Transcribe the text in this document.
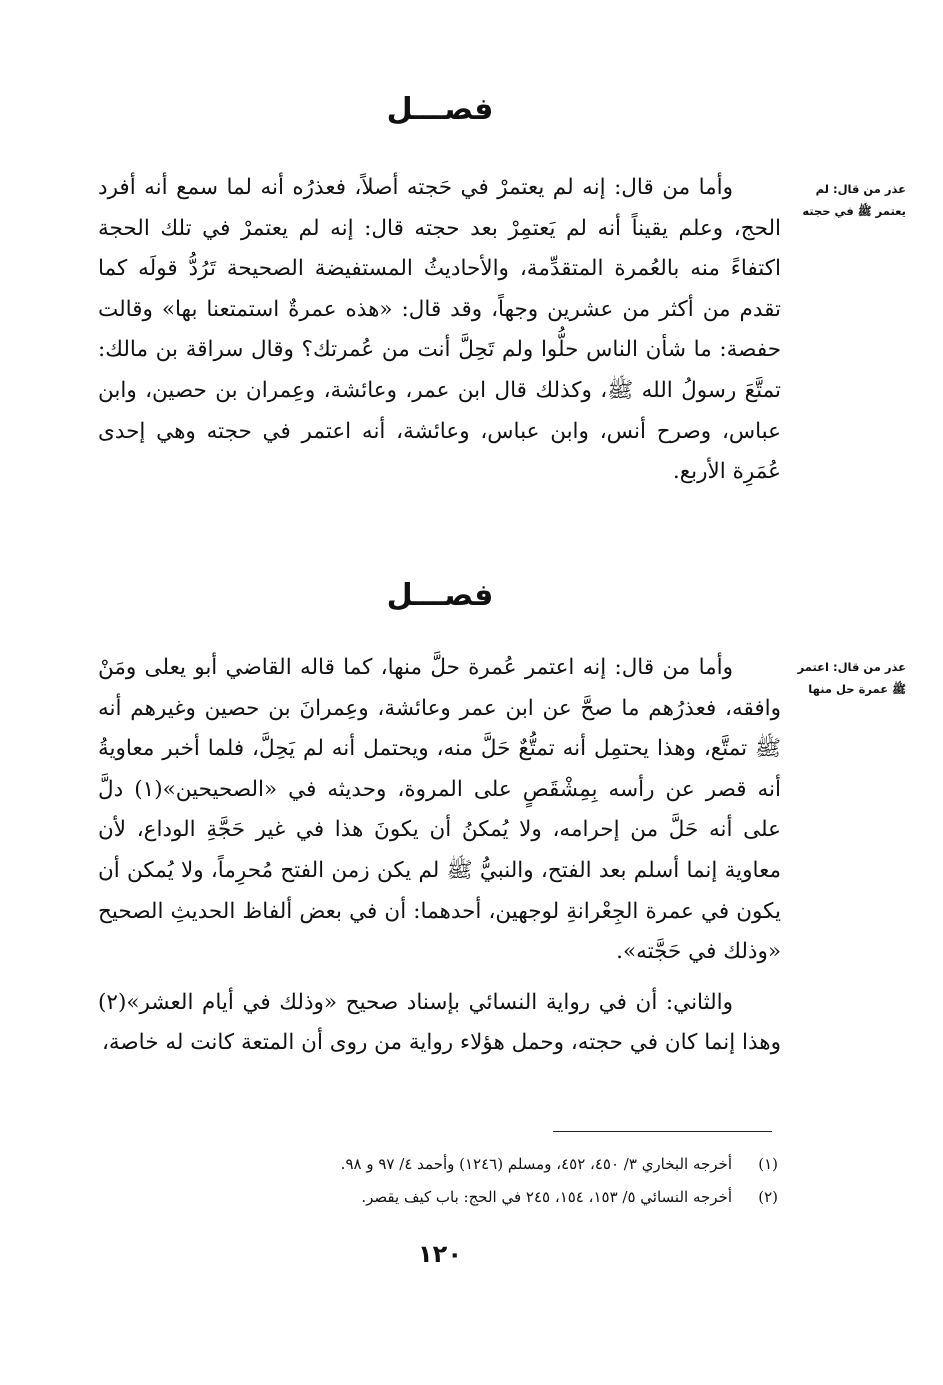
فصـــل
عذر من قال: لم يعتمر ﷺ في حجته

وأما من قال: إنه لم يعتمرْ في حَجته أصلاً، فعذرُه أنه لما سمع أنه أفرد الحج، وعلم يقيناً أنه لم يَعتمِرْ بعد حجته قال: إنه لم يعتمرْ في تلك الحجة اكتفاءً منه بالعُمرة المتقدِّمة، والأحاديثُ المستفيضة الصحيحة تَرُدُّ قولَه كما تقدم من أكثر من عشرين وجهاً، وقد قال: «هذه عمرةٌ استمتعنا بها» وقالت حفصة: ما شأن الناس حلُّوا ولم تَحِلَّ أنت من عُمرتك؟ وقال سراقة بن مالك: تمتَّعَ رسولُ الله ﷺ، وكذلك قال ابن عمر، وعائشة، وعِمران بن حصين، وابن عباس، وصرح أنس، وابن عباس، وعائشة، أنه اعتمر في حجته وهي إحدى عُمَرِة الأربع.

فصـــل
عذر من قال: اعتمر ﷺ عمرة حل منها

وأما من قال: إنه اعتمر عُمرة حلَّ منها، كما قاله القاضي أبو يعلى ومَنْ وافقه، فعذرُهم ما صحَّ عن ابن عمر وعائشة، وعِمرانَ بن حصين وغيرهم أنه ﷺ تمتَّع، وهذا يحتمِل أنه تمتُّعٌ حَلَّ منه، ويحتمل أنه لم يَحِلَّ، فلما أخبر معاويةُ أنه قصر عن رأسه بِمِشْقَصٍ على المروة، وحديثه في «الصحيحين»(١) دلَّ على أنه حَلَّ من إحرامه، ولا يُمكنُ أن يكونَ هذا في غير حَجَّةِ الوداع، لأن معاوية إنما أسلم بعد الفتح، والنبيُّ ﷺ لم يكن زمن الفتح مُحرِماً، ولا يُمكن أن يكون في عمرة الجِعْرانةِ لوجهين، أحدهما: أن في بعض ألفاظ الحديثِ الصحيح «وذلك في حَجَّته».

والثاني: أن في رواية النسائي بإسناد صحيح «وذلك في أيام العشر»(٢) وهذا إنما كان في حجته، وحمل هؤلاء رواية من روى أن المتعة كانت له خاصة،

(١)
أخرجه البخاري ٣/ ٤٥٠، ٤٥٢، ومسلم (١٢٤٦) وأحمد ٤/ ٩٧ و ٩٨.
(٢)
أخرجه النسائي ٥/ ١٥٣، ١٥٤، ٢٤٥ في الحج: باب كيف يقصر.
١٢٠
